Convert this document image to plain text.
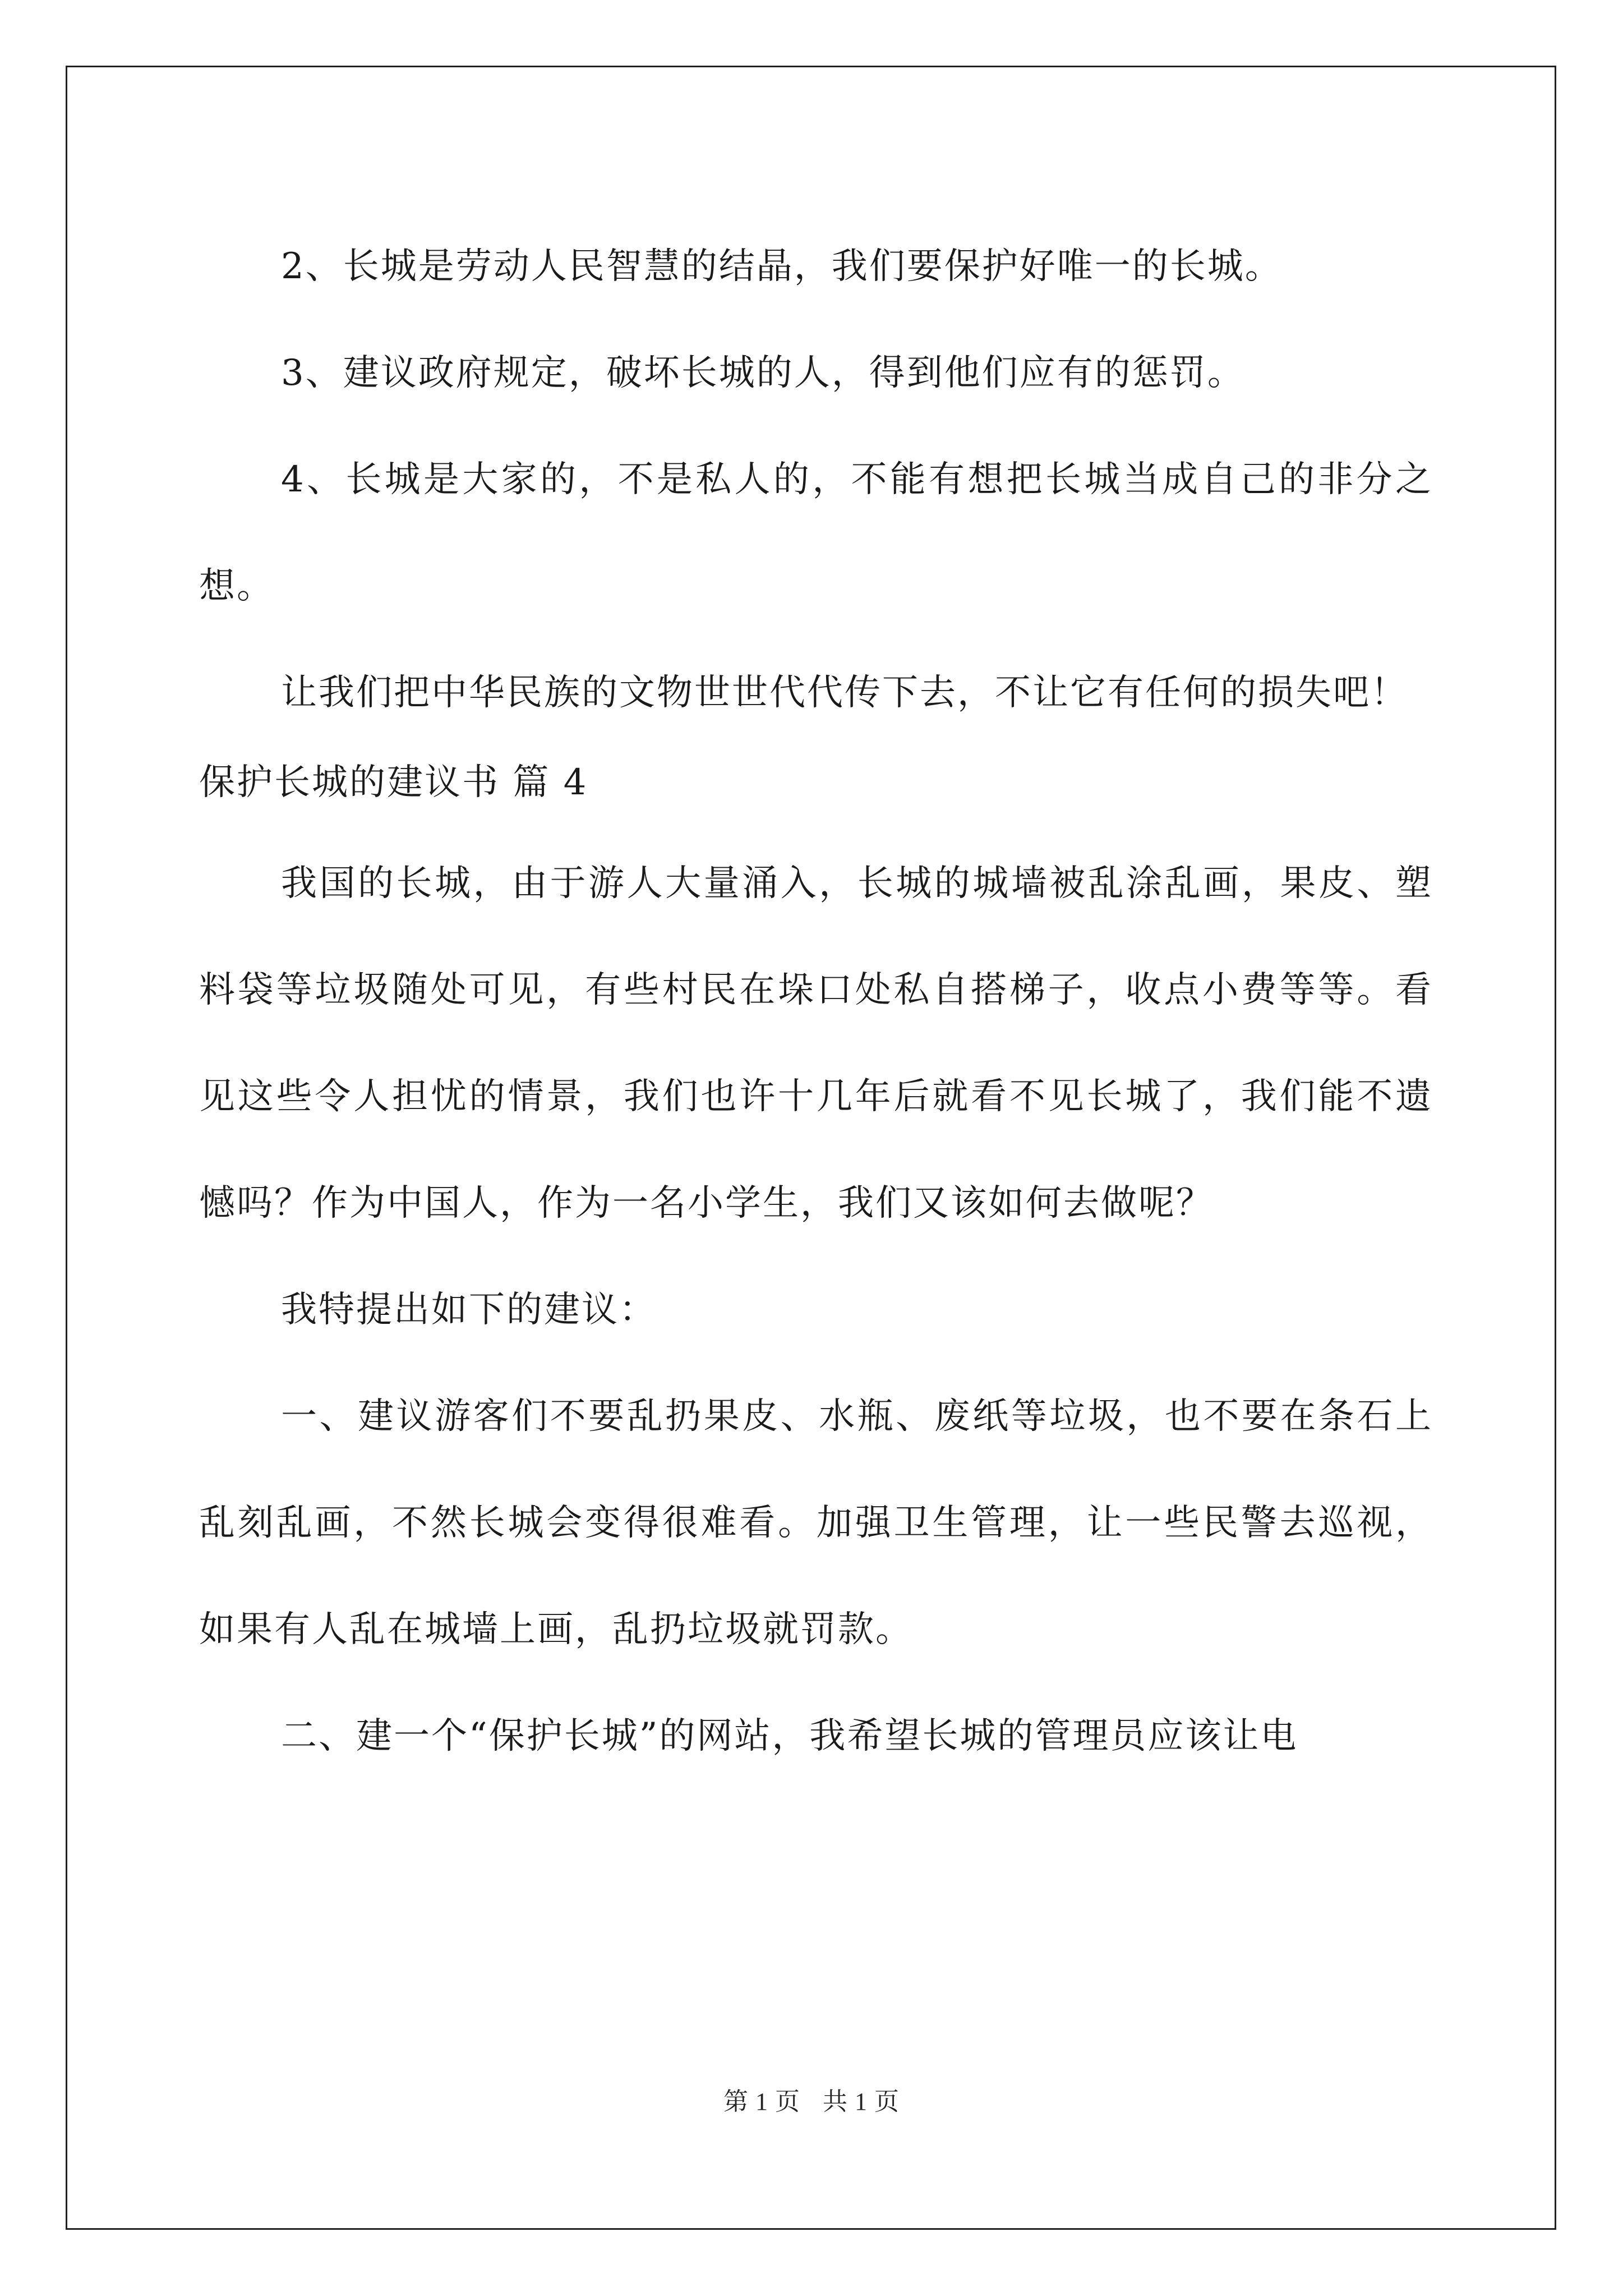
2、长城是劳动人民智慧的结晶，我们要保护好唯一的长城。

3、建议政府规定，破坏长城的人，得到他们应有的惩罚。

4、长城是大家的，不是私人的，不能有想把长城当成自己的非分之想。

让我们把中华民族的文物世世代代传下去，不让它有任何的损失吧！

保护长城的建议书 篇 4

我国的长城，由于游人大量涌入，长城的城墙被乱涂乱画，果皮、塑料袋等垃圾随处可见，有些村民在垛口处私自搭梯子，收点小费等等。看见这些令人担忧的情景，我们也许十几年后就看不见长城了，我们能不遗憾吗？作为中国人，作为一名小学生，我们又该如何去做呢？

我特提出如下的建议：

一、建议游客们不要乱扔果皮、水瓶、废纸等垃圾，也不要在条石上乱刻乱画，不然长城会变得很难看。加强卫生管理，让一些民警去巡视，如果有人乱在城墙上画，乱扔垃圾就罚款。

二、建一个“保护长城”的网站，我希望长城的管理员应该让电

第 1 页 共 1 页
